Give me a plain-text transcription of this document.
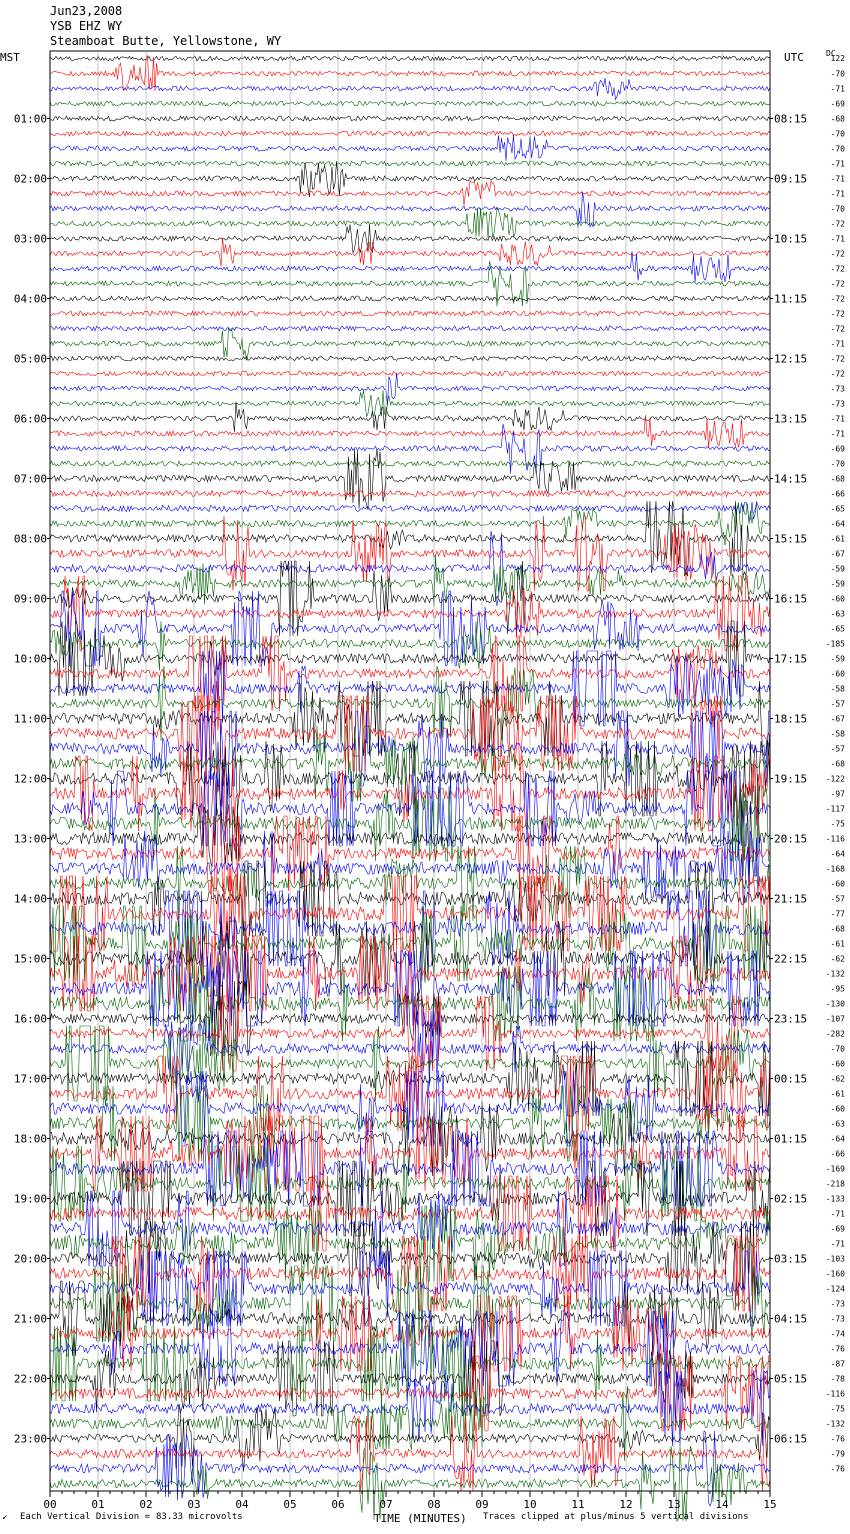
Jun23,2008
YSB EHZ WY
Steamboat Butte, Yellowstone, WY
MST	UTC	DC
00	01	02	03	04	05	06	07	08	09	10	11	12	13	14	15
01:00
02:00
03:00
04:00
05:00
06:00
07:00
08:00
09:00
10:00
11:00
12:00
13:00
14:00
15:00
16:00
17:00
18:00
19:00
20:00
21:00
22:00
23:00
08:15
09:15
10:15
11:15
12:15
13:15
14:15
15:15
16:15
17:15
18:15
19:15
20:15
21:15
22:15
23:15
00:15
01:15
02:15
03:15
04:15
05:15
06:15
122
-70
-71
-69
-68
-70
-70
-71
-71
-71
-70
-72
-71
-72
-72
-72
-72
-72
-72
-71
-72
-72
-73
-73
-71
-71
-69
-70
-68
-66
-65
-64
-61
-67
-59
-59
-60
-63
-65
-185
-59
-60
-58
-57
-67
-58
-57
-68
-122
-97
-117
-75
-116
-64
-168
-60
-57
-77
-68
-61
-62
-132
-95
-130
-107
-282
-70
-60
-62
-61
-60
-63
-64
-66
-169
-218
-133
-71
-69
-71
-103
-160
-124
-73
-73
-74
-76
-87
-78
-116
-75
-132
-76
-79
-76
↙ Each Vertical Division = 83.33 microvolts	TIME (MINUTES) Traces clipped at plus/minus 5 vertical divisions
